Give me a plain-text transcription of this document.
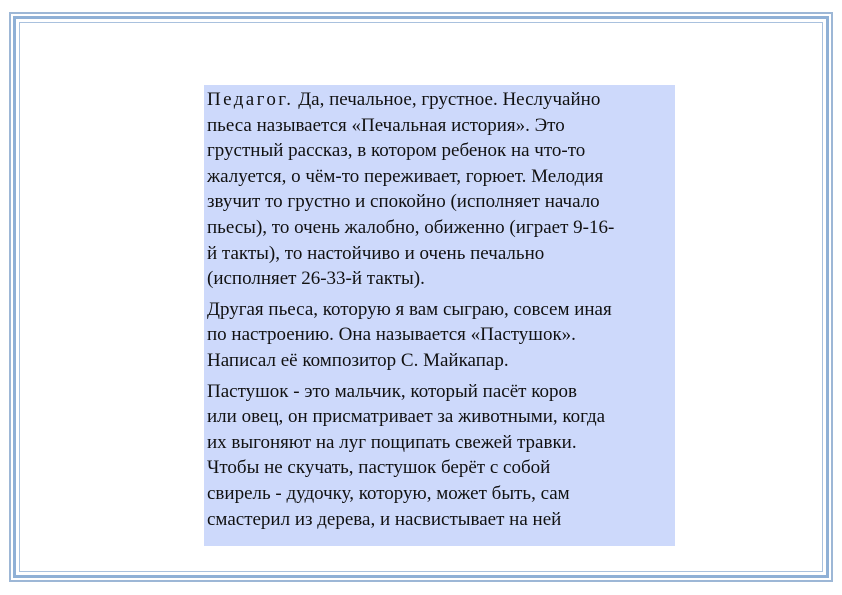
Педагог. Да, печальное, грустное. Неслучайно
пьеса называется «Печальная история». Это
грустный рассказ, в котором ребенок на что-то
жалуется, о чём-то переживает, горюет. Мелодия
звучит то грустно и спокойно (исполняет начало
пьесы), то очень жалобно, обиженно (играет 9-16-
й такты), то настойчиво и очень печально
(исполняет 26-33-й такты).
Другая пьеса, которую я вам сыграю, совсем иная
по настроению. Она называется «Пастушок».
Написал её композитор С. Майкапар.
Пастушок - это мальчик, который пасёт коров
или овец, он присматривает за животными, когда
их выгоняют на луг пощипать свежей травки.
Чтобы не скучать, пастушок берёт с собой
свирель - дудочку, которую, может быть, сам
смастерил из дерева, и насвистывает на ней
